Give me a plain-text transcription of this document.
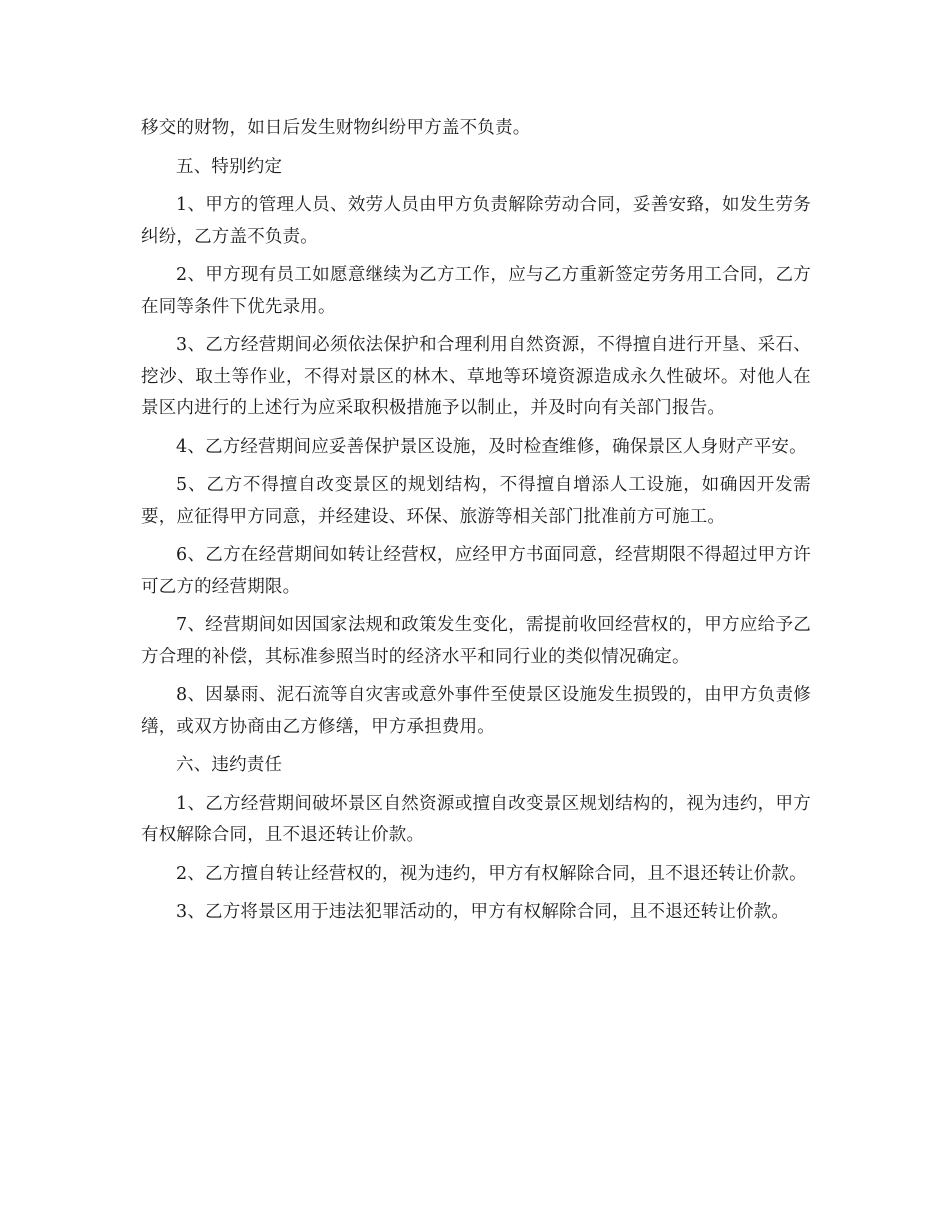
移交的财物，如日后发生财物纠纷甲方盖不负责。

五、特别约定

1、甲方的管理人员、效劳人员由甲方负责解除劳动合同，妥善安臵，如发生劳务纠纷，乙方盖不负责。

2、甲方现有员工如愿意继续为乙方工作，应与乙方重新签定劳务用工合同，乙方在同等条件下优先录用。

3、乙方经营期间必须依法保护和合理利用自然资源，不得擅自进行开垦、采石、挖沙、取土等作业，不得对景区的林木、草地等环境资源造成永久性破坏。对他人在景区内进行的上述行为应采取积极措施予以制止，并及时向有关部门报告。

4、乙方经营期间应妥善保护景区设施，及时检查维修，确保景区人身财产平安。

5、乙方不得擅自改变景区的规划结构，不得擅自增添人工设施，如确因开发需要，应征得甲方同意，并经建设、环保、旅游等相关部门批准前方可施工。

6、乙方在经营期间如转让经营权，应经甲方书面同意，经营期限不得超过甲方许可乙方的经营期限。

7、经营期间如因国家法规和政策发生变化，需提前收回经营权的，甲方应给予乙方合理的补偿，其标准参照当时的经济水平和同行业的类似情况确定。

8、因暴雨、泥石流等自灾害或意外事件至使景区设施发生损毁的，由甲方负责修缮，或双方协商由乙方修缮，甲方承担费用。

六、违约责任

1、乙方经营期间破坏景区自然资源或擅自改变景区规划结构的，视为违约，甲方有权解除合同，且不退还转让价款。

2、乙方擅自转让经营权的，视为违约，甲方有权解除合同，且不退还转让价款。

3、乙方将景区用于违法犯罪活动的，甲方有权解除合同，且不退还转让价款。
